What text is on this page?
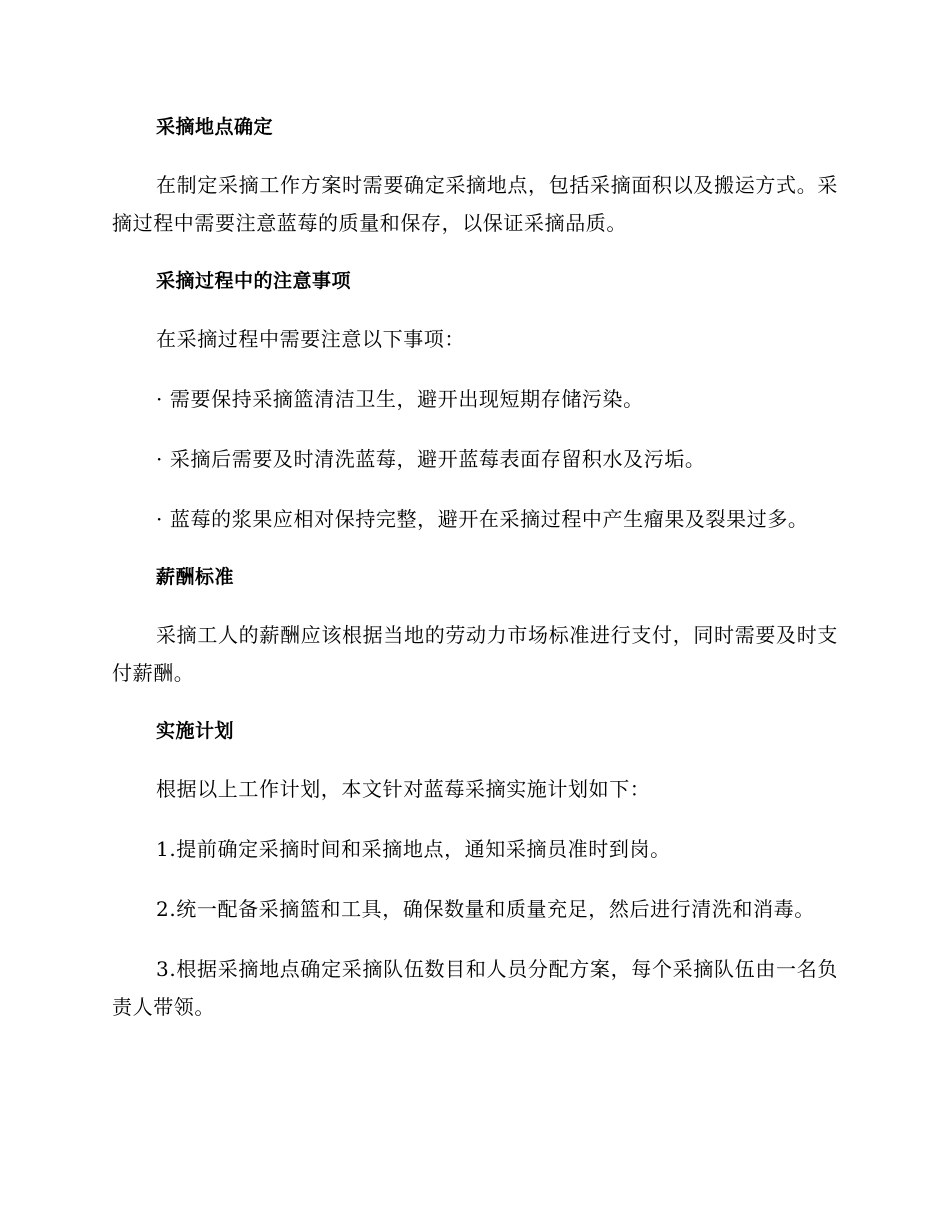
采摘地点确定

在制定采摘工作方案时需要确定采摘地点，包括采摘面积以及搬运方式。采摘过程中需要注意蓝莓的质量和保存，以保证采摘品质。

采摘过程中的注意事项

在采摘过程中需要注意以下事项：

· 需要保持采摘篮清洁卫生，避开出现短期存储污染。

· 采摘后需要及时清洗蓝莓，避开蓝莓表面存留积水及污垢。

· 蓝莓的浆果应相对保持完整，避开在采摘过程中产生瘤果及裂果过多。

薪酬标准

采摘工人的薪酬应该根据当地的劳动力市场标准进行支付，同时需要及时支付薪酬。

实施计划

根据以上工作计划，本文针对蓝莓采摘实施计划如下：

1.提前确定采摘时间和采摘地点，通知采摘员准时到岗。

2.统一配备采摘篮和工具，确保数量和质量充足，然后进行清洗和消毒。

3.根据采摘地点确定采摘队伍数目和人员分配方案，每个采摘队伍由一名负责人带领。
